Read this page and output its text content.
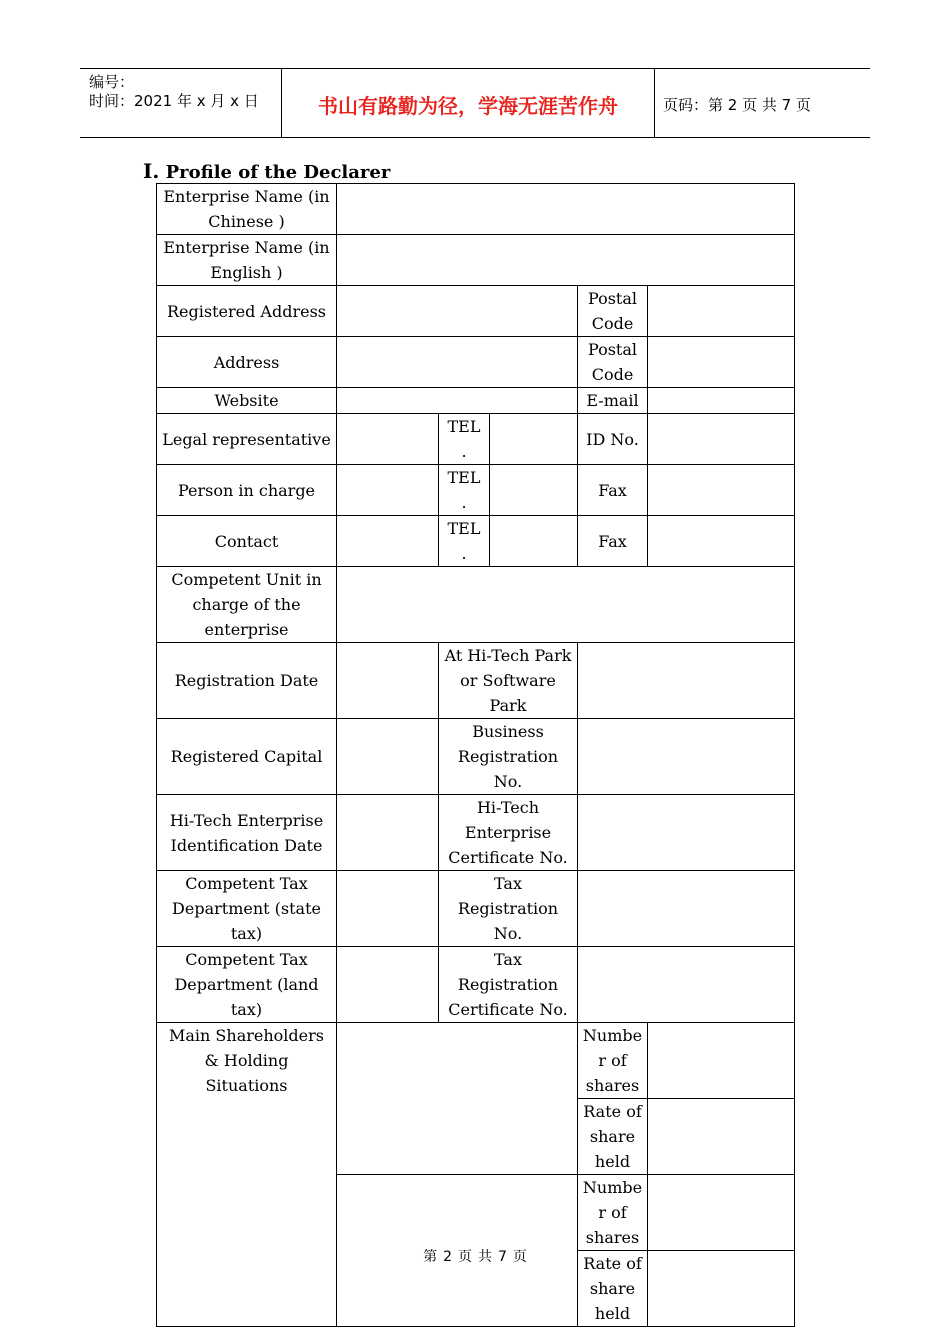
编号：
时间：2021 年 x 月 x 日	书山有路勤为径，学海无涯苦作舟	页码：第 2 页 共 7 页
I. Profile of the Declarer
Enterprise Name (in Chinese )					
Enterprise Name (in English )					
Registered Address				Postal Code	
Address				Postal Code	
Website				E-mail	
Legal representative		TEL .		ID No.	
Person in charge		TEL .		Fax	
Contact		TEL .		Fax	
Competent Unit in charge of the enterprise					
Registration Date		At Hi-Tech Park or Software Park			
Registered Capital		Business Registration No.			
Hi-Tech Enterprise Identification Date		Hi-Tech Enterprise Certificate No.			
Competent Tax Department (state tax)		Tax Registration No.			
Competent Tax Department (land tax)		Tax Registration Certificate No.			
Main Shareholders & Holding Situations				Numbe r of shares	
				Rate of share held	
				Numbe r of shares	
				Rate of share held	
第 2 页 共 7 页
